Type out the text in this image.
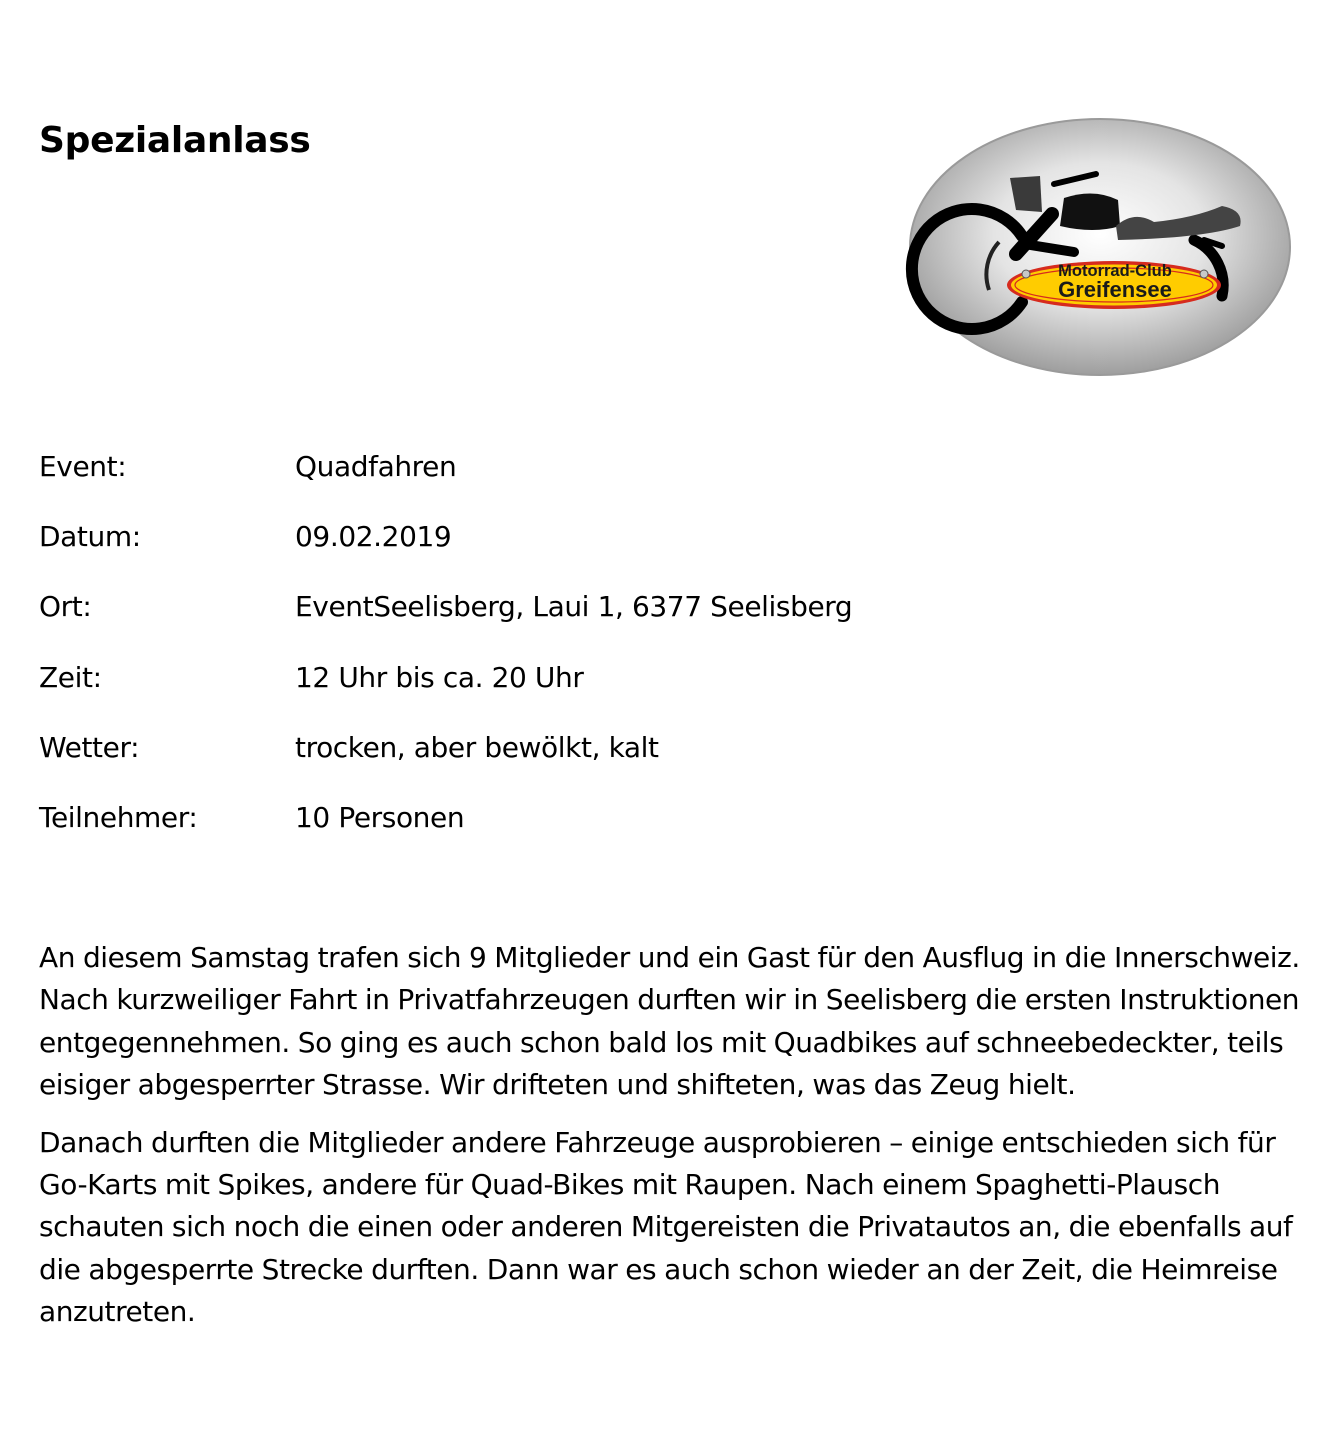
Spezialanlass
Motorrad-Club
Greifensee
Event:	Quadfahren
Datum:	09.02.2019
Ort:	EventSeelisberg, Laui 1, 6377 Seelisberg
Zeit:	12 Uhr bis ca. 20 Uhr
Wetter:	trocken, aber bewölkt, kalt
Teilnehmer:	10 Personen

An diesem Samstag trafen sich 9 Mitglieder und ein Gast für den Ausflug in die Innerschweiz. Nach kurzweiliger Fahrt in Privatfahrzeugen durften wir in Seelisberg die ersten Instruktionen entgegennehmen. So ging es auch schon bald los mit Quadbikes auf schneebedeckter, teils eisiger abgesperrter Strasse. Wir drifteten und shifteten, was das Zeug hielt.

Danach durften die Mitglieder andere Fahrzeuge ausprobieren – einige entschieden sich für Go-Karts mit Spikes, andere für Quad-Bikes mit Raupen. Nach einem Spaghetti-Plausch schauten sich noch die einen oder anderen Mitgereisten die Privatautos an, die ebenfalls auf die abgesperrte Strecke durften. Dann war es auch schon wieder an der Zeit, die Heimreise anzutreten.
